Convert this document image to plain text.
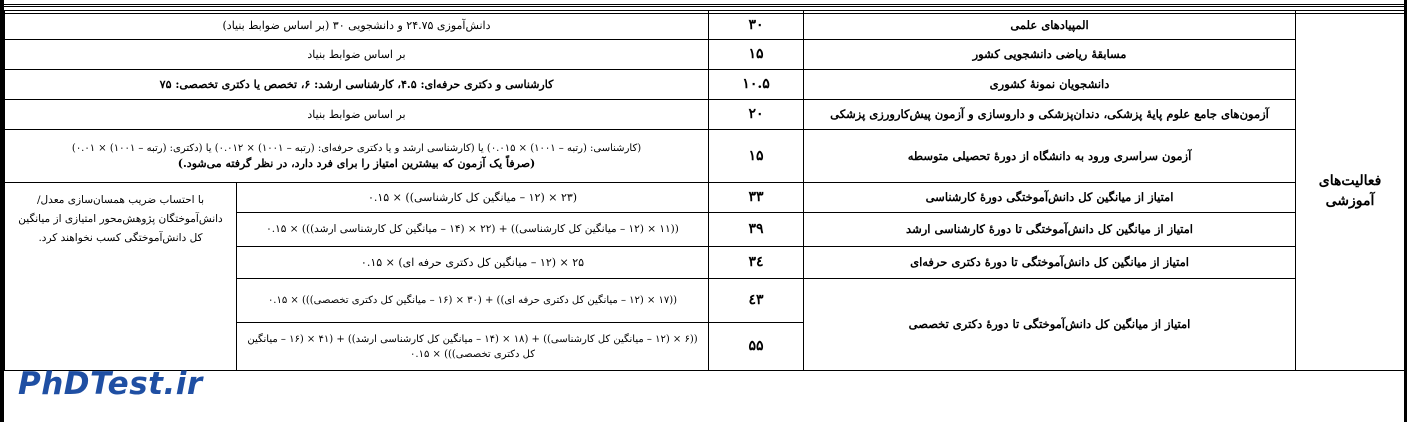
فعالیت‌های آموزشی	المپیادهای علمی	۳۰	دانش‌آموزی ۲۴.۷۵ و دانشجویی ۳۰ (بر اساس ضوابط بنیاد)	
	مسابقهٔ ریاضی دانشجویی کشور	۱۵	بر اساس ضوابط بنیاد	
	دانشجویان نمونهٔ کشوری	۱۰.۵	کارشناسی و دکتری حرفه‌ای: ۴.۵، کارشناسی ارشد: ۶، تخصص یا دکتری تخصصی: ۷۵	
	آزمون‌های جامع علوم پایهٔ پزشکی، دندان‌پزشکی و داروسازی و آزمون پیش‌کارورزی پزشکی	۲۰	بر اساس ضوابط بنیاد	
	آزمون سراسری ورود به دانشگاه از دورهٔ تحصیلی متوسطه	۱۵	(کارشناسی: (رتبه – ۱۰۰۱) × ۰.۰۱۵) یا (کارشناسی ارشد و یا دکتری حرفه‌ای: (رتبه – ۱۰۰۱) × ۰.۰۱۲) یا (دکتری: (رتبه – ۱۰۰۱) × ۰.۰۱)
(صرفاً یک آزمون که بیشترین امتیاز را برای فرد دارد، در نظر گرفته می‌شود.)	

	امتیاز از میانگین کل دانش‌آموختگی دورهٔ کارشناسی	۳۳	(۲۳ × (۱۲ – میانگین کل کارشناسی)) × ۰.۱۵	با احتساب ضریب همسان‌سازی معدل/دانش‌آموختگان پژوهش‌محور امتیازی از میانگین کل دانش‌آموختگی کسب نخواهند کرد.

	امتیاز از میانگین کل دانش‌آموختگی تا دورهٔ کارشناسی ارشد	۳۹	((۱۱ × (۱۲ – میانگین کل کارشناسی)) + (۲۲ × (۱۴ – میانگین کل کارشناسی ارشد))) × ۰.۱۵	
	امتیاز از میانگین کل دانش‌آموختگی تا دورهٔ دکتری حرفه‌ای	۳٤	۲۵ × (۱۲ – میانگین کل دکتری حرفه ای) × ۰.۱۵	
	امتیاز از میانگین کل دانش‌آموختگی تا دورهٔ دکتری تخصصی	٤۳	((۱۷ × (۱۲ – میانگین کل دکتری حرفه ای)) + (۳۰ × (۱۶ – میانگین کل دکتری تخصصی))) × ۰.۱۵	
		۵۵	((۶ × (۱۲ – میانگین کل کارشناسی)) + (۱۸ × (۱۴ – میانگین کل کارشناسی ارشد)) + (۴۱ × (۱۶ – میانگین کل دکتری تخصصی))) × ۰.۱۵	
PhDTest.ir
